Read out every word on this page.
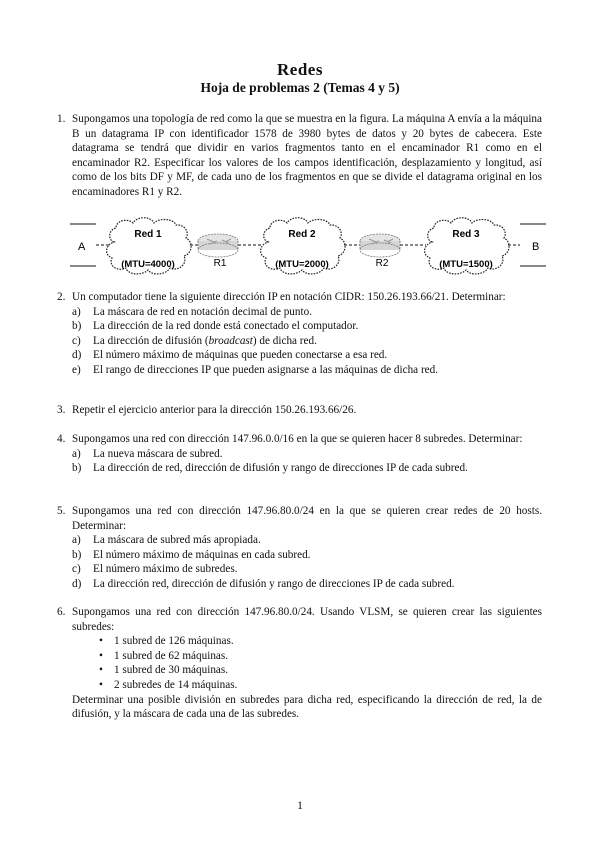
Redes
Hoja de problemas 2 (Temas 4 y 5)
1. Supongamos una topología de red como la que se muestra en la figura. La máquina A envía a la máquina B un datagrama IP con identificador 1578 de 3980 bytes de datos y 20 bytes de cabecera. Este datagrama se tendrá que dividir en varios fragmentos tanto en el encaminador R1 como en el encaminador R2. Especificar los valores de los campos identificación, desplazamiento y longitud, así como de los bits DF y MF, de cada uno de los fragmentos en que se divide el datagrama original en los encaminadores R1 y R2.

A
Red 1
(MTU=4000)	R1
Red 2
(MTU=2000)	R2
Red 3
(MTU=1500)
B
2. Un computador tiene la siguiente dirección IP en notación CIDR: 150.26.193.66/21. Determinar:

a) La máscara de red en notación decimal de punto.
b) La dirección de la red donde está conectado el computador.
c) La dirección de difusión (broadcast) de dicha red.
d) El número máximo de máquinas que pueden conectarse a esa red.
e) El rango de direcciones IP que pueden asignarse a las máquinas de dicha red.
3. Repetir el ejercicio anterior para la dirección 150.26.193.66/26.

4. Supongamos una red con dirección 147.96.0.0/16 en la que se quieren hacer 8 subredes. Determinar:

a) La nueva máscara de subred.
b) La dirección de red, dirección de difusión y rango de direcciones IP de cada subred.
5. Supongamos una red con dirección 147.96.80.0/24 en la que se quieren crear redes de 20 hosts. Determinar:

a) La máscara de subred más apropiada.
b) El número máximo de máquinas en cada subred.
c) El número máximo de subredes.
d) La dirección red, dirección de difusión y rango de direcciones IP de cada subred.
6. Supongamos una red con dirección 147.96.80.0/24. Usando VLSM, se quieren crear las siguientes subredes:

• 1 subred de 126 máquinas.
• 1 subred de 62 máquinas.
• 1 subred de 30 máquinas.
• 2 subredes de 14 máquinas.

Determinar una posible división en subredes para dicha red, especificando la dirección de red, la de difusión, y la máscara de cada una de las subredes.

1
